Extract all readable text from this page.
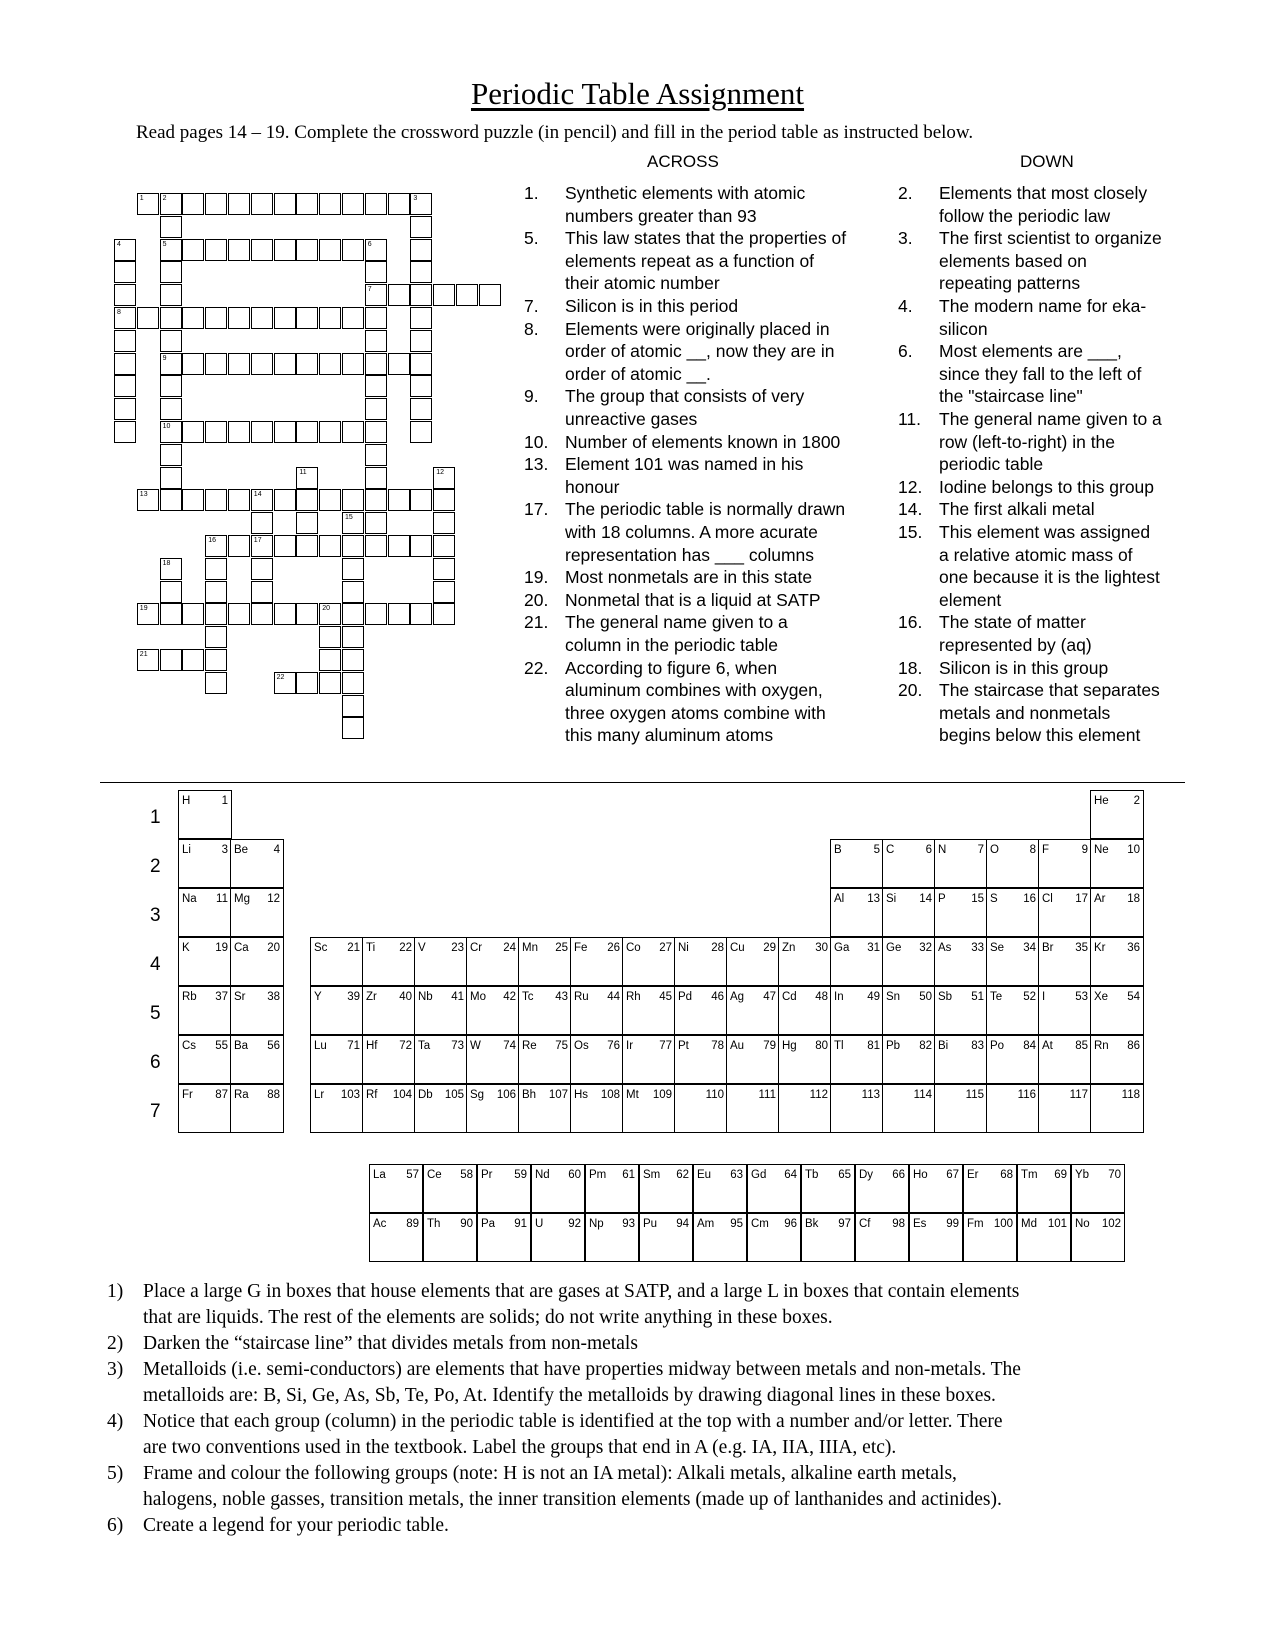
Periodic Table Assignment
Read pages 14 – 19. Complete the crossword puzzle (in pencil) and fill in the period table as instructed below.
1	2	3
5
9
10
4
8
6
7
11	12
13	14
17
15
16
18
19	20
21
22
ACROSS	DOWN
1. Synthetic elements with atomic
numbers greater than 93
5. This law states that the properties of
elements repeat as a function of
their atomic number
7. Silicon is in this period
8. Elements were originally placed in
order of atomic __, now they are in
order of atomic __.
9. The group that consists of very
unreactive gases
10. Number of elements known in 1800
13. Element 101 was named in his
honour
17. The periodic table is normally drawn
with 18 columns. A more acurate
representation has ___ columns
19. Most nonmetals are in this state
20. Nonmetal that is a liquid at SATP
21. The general name given to a
column in the periodic table
22. According to figure 6, when
aluminum combines with oxygen,
three oxygen atoms combine with
this many aluminum atoms
2. Elements that most closely
follow the periodic law
3. The first scientist to organize
elements based on
repeating patterns
4. The modern name for eka-
silicon
6. Most elements are ___,
since they fall to the left of
the "staircase line"
11. The general name given to a
row (left-to-right) in the
periodic table
12. Iodine belongs to this group
14. The first alkali metal
15. This element was assigned
a relative atomic mass of
one because it is the lightest
element
16. The state of matter
represented by (aq)
18. Silicon is in this group
20. The staircase that separates
metals and nonmetals
begins below this element
H	1	He 2
Li	3 Be 4	B	5 C	6 N	7 O	8 F	9 Ne 10
Na 11 Mg 12	Al 13 Si 14 P 15 S 16 Cl 17 Ar 18
K 19 Ca 20	Sc 21 Ti 22 V 23 Cr 24 Mn 25 Fe 26 Co 27 Ni 28 Cu 29 Zn 30 Ga 31 Ge 32 As 33 Se 34 Br 35 Kr 36
Rb 37 Sr 38	Y 39 Zr 40 Nb 41 Mo 42 Tc 43 Ru 44 Rh 45 Pd 46 Ag 47 Cd 48 In 49 Sn 50 Sb 51 Te 52 I	53 Xe 54
Cs 55 Ba 56	Lu 71 Hf 72 Ta 73 W 74 Re 75 Os 76 Ir 77 Pt 78 Au 79 Hg 80 Tl 81 Pb 82 Bi 83 Po 84 At 85 Rn 86
Fr 87 Ra 88	Lr 103 Rf 104 Db 105 Sg 106 Bh 107 Hs 108 Mt 109	110	111	112	113	114	115	116	117	118
La 57 Ce 58 Pr 59 Nd 60 Pm 61 Sm 62 Eu 63 Gd 64 Tb 65 Dy 66 Ho 67 Er 68 Tm 69 Yb 70
Ac 89 Th 90 Pa 91 U 92 Np 93 Pu 94 Am 95 Cm 96 Bk 97 Cf 98 Es 99 Fm 100 Md 101 No 102
1
2
3
4
5
6
7
1) Place a large G in boxes that house elements that are gases at SATP, and a large L in boxes that contain elements
that are liquids. The rest of the elements are solids; do not write anything in these boxes.
2) Darken the “staircase line” that divides metals from non-metals
3) Metalloids (i.e. semi-conductors) are elements that have properties midway between metals and non-metals. The
metalloids are: B, Si, Ge, As, Sb, Te, Po, At. Identify the metalloids by drawing diagonal lines in these boxes.
4) Notice that each group (column) in the periodic table is identified at the top with a number and/or letter. There
are two conventions used in the textbook. Label the groups that end in A (e.g. IA, IIA, IIIA, etc).
5) Frame and colour the following groups (note: H is not an IA metal): Alkali metals, alkaline earth metals,
halogens, noble gasses, transition metals, the inner transition elements (made up of lanthanides and actinides).
6) Create a legend for your periodic table.
